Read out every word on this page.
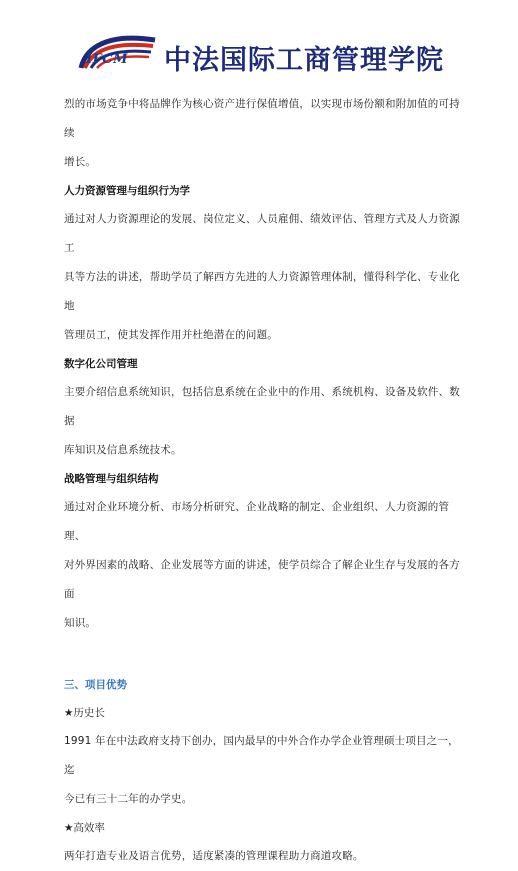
IFCM 中法国际工商管理学院

烈的市场竞争中将品牌作为核心资产进行保值增值，以实现市场份额和附加值的可持续

增长。

人力资源管理与组织行为学

通过对人力资源理论的发展、岗位定义、人员雇佣、绩效评估、管理方式及人力资源工

具等方法的讲述，帮助学员了解西方先进的人力资源管理体制，懂得科学化、专业化地

管理员工，使其发挥作用并杜绝潜在的问题。

数字化公司管理

主要介绍信息系统知识，包括信息系统在企业中的作用、系统机构、设备及软件、数据

库知识及信息系统技术。

战略管理与组织结构

通过对企业环境分析、市场分析研究、企业战略的制定、企业组织、人力资源的管理、

对外界因素的战略、企业发展等方面的讲述，使学员综合了解企业生存与发展的各方面

知识。

三、项目优势
★历史长

1991 年在中法政府支持下创办，国内最早的中外合作办学企业管理硕士项目之一，迄

今已有三十二年的办学史。

★高效率

两年打造专业及语言优势，适度紧凑的管理课程助力商道攻略。
